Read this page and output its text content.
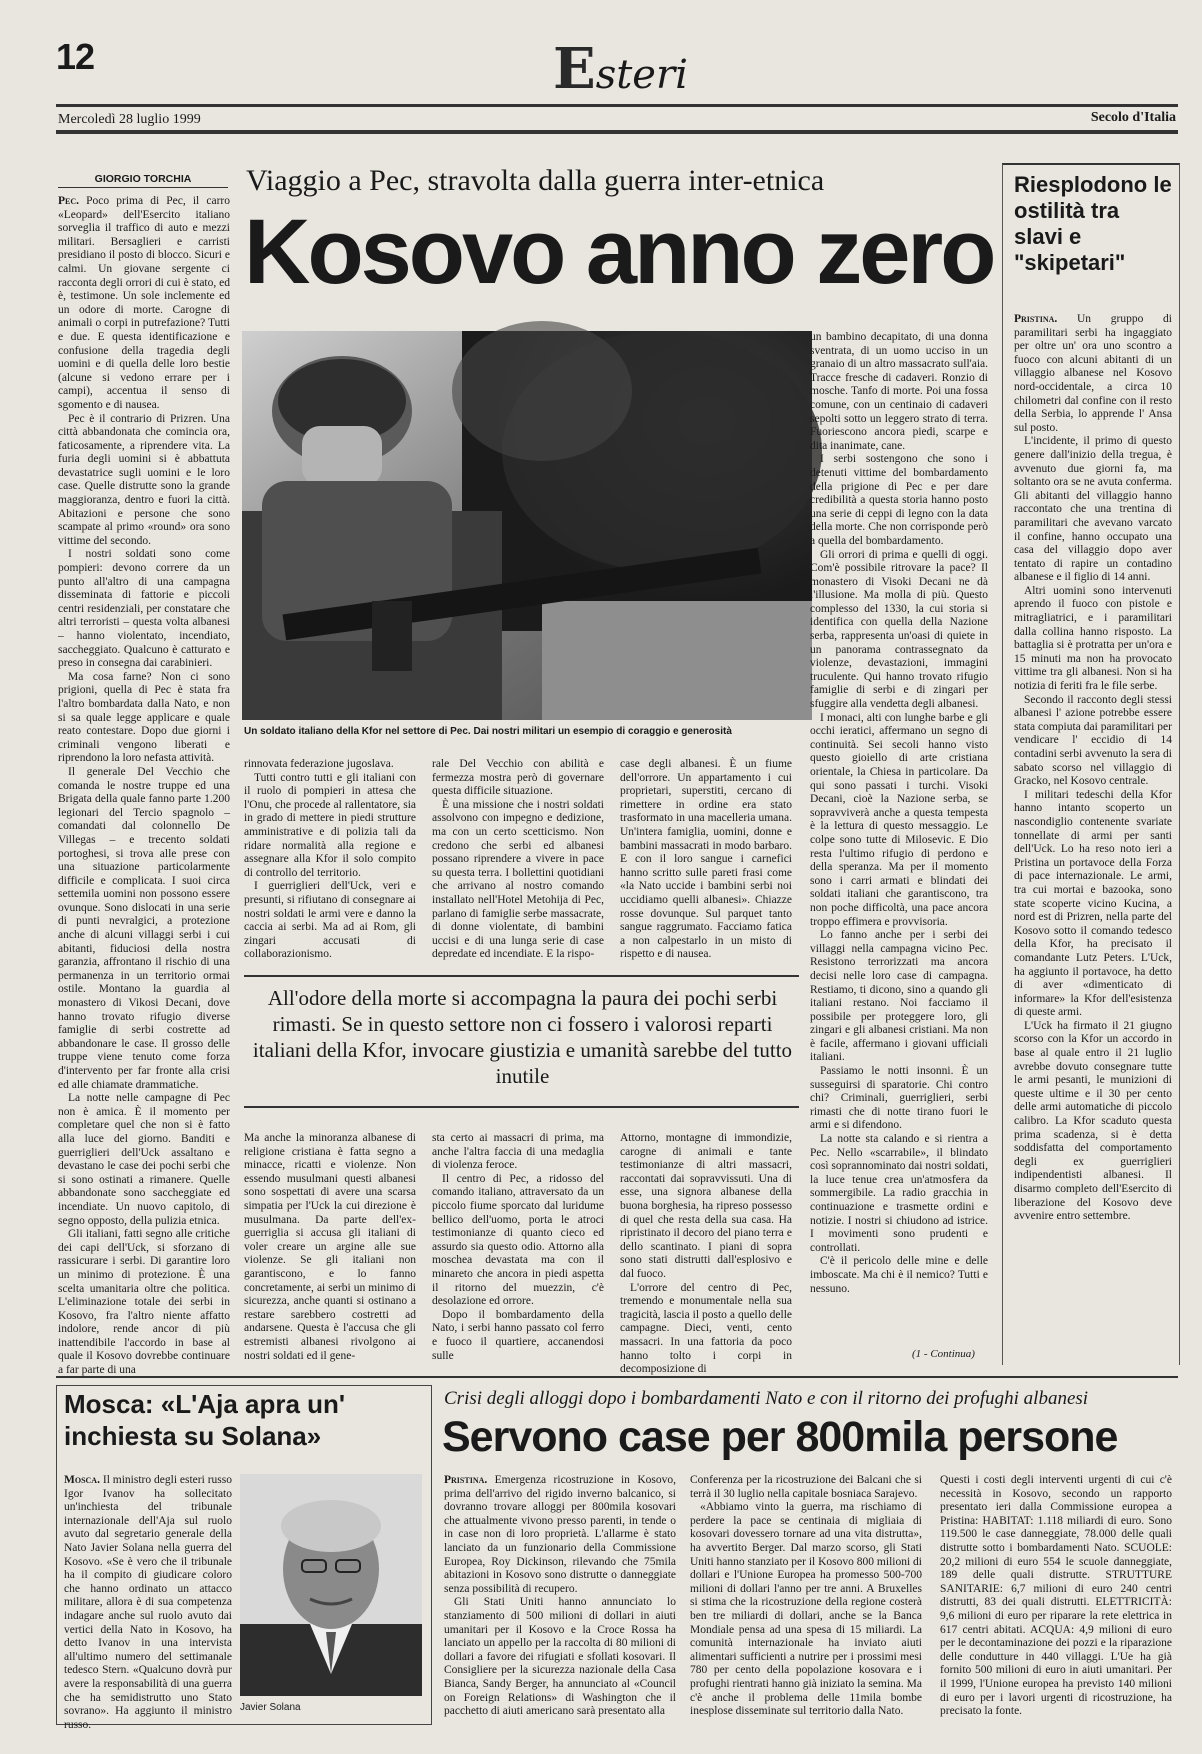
12	Esteri
Mercoledì 28 luglio 1999	Secolo d'Italia
GIORGIO TORCHIA

Pec. Poco prima di Pec, il carro «Leopard» dell'Esercito italiano sorveglia il traffico di auto e mezzi militari. Bersaglieri e carristi presidiano il posto di blocco. Sicuri e calmi. Un giovane sergente ci racconta degli orrori di cui è stato, ed è, testimone. Un sole inclemente ed un odore di morte. Carogne di animali o corpi in putrefazione? Tutti e due. E questa identificazione e confusione della tragedia degli uomini e di quella delle loro bestie (alcune si vedono errare per i campi), accentua il senso di sgomento e di nausea.

Pec è il contrario di Prizren. Una città abbandonata che comincia ora, faticosamente, a riprendere vita. La furia degli uomini si è abbattuta devastatrice sugli uomini e le loro case. Quelle distrutte sono la grande maggioranza, dentro e fuori la città. Abitazioni e persone che sono scampate al primo «round» ora sono vittime del secondo.

I nostri soldati sono come pompieri: devono correre da un punto all'altro di una campagna disseminata di fattorie e piccoli centri residenziali, per constatare che altri terroristi – questa volta albanesi – hanno violentato, incendiato, saccheggiato. Qualcuno è catturato e preso in consegna dai carabinieri.

Ma cosa farne? Non ci sono prigioni, quella di Pec è stata fra l'altro bombardata dalla Nato, e non si sa quale legge applicare e quale reato contestare. Dopo due giorni i criminali vengono liberati e riprendono la loro nefasta attività.

Il generale Del Vecchio che comanda le nostre truppe ed una Brigata della quale fanno parte 1.200 legionari del Tercio spagnolo – comandati dal colonnello De Villegas – e trecento soldati portoghesi, si trova alle prese con una situazione particolarmente difficile e complicata. I suoi circa settemila uomini non possono essere ovunque. Sono dislocati in una serie di punti nevralgici, a protezione anche di alcuni villaggi serbi i cui abitanti, fiduciosi della nostra garanzia, affrontano il rischio di una permanenza in un territorio ormai ostile. Montano la guardia al monastero di Vikosi Decani, dove hanno trovato rifugio diverse famiglie di serbi costrette ad abbandonare le case. Il grosso delle truppe viene tenuto come forza d'intervento per far fronte alla crisi ed alle chiamate drammatiche.

La notte nelle campagne di Pec non è amica. È il momento per completare quel che non si è fatto alla luce del giorno. Banditi e guerriglieri dell'Uck assaltano e devastano le case dei pochi serbi che si sono ostinati a rimanere. Quelle abbandonate sono saccheggiate ed incendiate. Un nuovo capitolo, di segno opposto, della pulizia etnica.

Gli italiani, fatti segno alle critiche dei capi dell'Uck, si sforzano di rassicurare i serbi. Di garantire loro un minimo di protezione. È una scelta umanitaria oltre che politica. L'eliminazione totale dei serbi in Kosovo, fra l'altro niente affatto indolore, rende ancor di più inattendibile l'accordo in base al quale il Kosovo dovrebbe continuare a far parte di una

Viaggio a Pec, stravolta dalla guerra inter-etnica
Kosovo anno zero
Un soldato italiano della Kfor nel settore di Pec. Dai nostri militari un esempio di coraggio e generosità

rinnovata federazione jugoslava.

Tutti contro tutti e gli italiani con il ruolo di pompieri in attesa che l'Onu, che procede al rallentatore, sia in grado di mettere in piedi strutture amministrative e di polizia tali da ridare normalità alla regione e assegnare alla Kfor il solo compito di controllo del territorio.

I guerriglieri dell'Uck, veri e presunti, si rifiutano di consegnare ai nostri soldati le armi vere e danno la caccia ai serbi. Ma ad ai Rom, gli zingari accusati di collaborazionismo.

rale Del Vecchio con abilità e fermezza mostra però di governare questa difficile situazione.

È una missione che i nostri soldati assolvono con impegno e dedizione, ma con un certo scetticismo. Non credono che serbi ed albanesi possano riprendere a vivere in pace su questa terra. I bollettini quotidiani che arrivano al nostro comando installato nell'Hotel Metohija di Pec, parlano di famiglie serbe massacrate, di donne violentate, di bambini uccisi e di una lunga serie di case depredate ed incendiate. E la rispo-

case degli albanesi. È un fiume dell'orrore. Un appartamento i cui proprietari, superstiti, cercano di rimettere in ordine era stato trasformato in una macelleria umana. Un'intera famiglia, uomini, donne e bambini massacrati in modo barbaro. E con il loro sangue i carnefici hanno scritto sulle pareti frasi come «la Nato uccide i bambini serbi noi uccidiamo quelli albanesi». Chiazze rosse dovunque. Sul parquet tanto sangue raggrumato. Facciamo fatica a non calpestarlo in un misto di rispetto e di nausea.

un bambino decapitato, di una donna sventrata, di un uomo ucciso in un granaio di un altro massacrato sull'aia. Tracce fresche di cadaveri. Ronzio di mosche. Tanfo di morte. Poi una fossa comune, con un centinaio di cadaveri sepolti sotto un leggero strato di terra. Fuoriescono ancora piedi, scarpe e dita inanimate, cane.

I serbi sostengono che sono i detenuti vittime del bombardamento della prigione di Pec e per dare credibilità a questa storia hanno posto una serie di ceppi di legno con la data della morte. Che non corrisponde però a quella del bombardamento.

Gli orrori di prima e quelli di oggi. Com'è possibile ritrovare la pace? Il monastero di Visoki Decani ne dà l'illusione. Ma molla di più. Questo complesso del 1330, la cui storia si identifica con quella della Nazione serba, rappresenta un'oasi di quiete in un panorama contrassegnato da violenze, devastazioni, immagini truculente. Qui hanno trovato rifugio famiglie di serbi e di zingari per sfuggire alla vendetta degli albanesi.

I monaci, alti con lunghe barbe e gli occhi ieratici, affermano un segno di continuità. Sei secoli hanno visto questo gioiello di arte cristiana orientale, la Chiesa in particolare. Da qui sono passati i turchi. Visoki Decani, cioè la Nazione serba, se sopravviverà anche a questa tempesta è la lettura di questo messaggio. Le colpe sono tutte di Milosevic. E Dio resta l'ultimo rifugio di perdono e della speranza. Ma per il momento sono i carri armati e blindati dei soldati italiani che garantiscono, tra non poche difficoltà, una pace ancora troppo effimera e provvisoria.

Lo fanno anche per i serbi dei villaggi nella campagna vicino Pec. Resistono terrorizzati ma ancora decisi nelle loro case di campagna. Restiamo, ti dicono, sino a quando gli italiani restano. Noi facciamo il possibile per proteggere loro, gli zingari e gli albanesi cristiani. Ma non è facile, affermano i giovani ufficiali italiani.

Passiamo le notti insonni. È un susseguirsi di sparatorie. Chi contro chi? Criminali, guerriglieri, serbi rimasti che di notte tirano fuori le armi e si difendono.

La notte sta calando e si rientra a Pec. Nello «scarrabile», il blindato così soprannominato dai nostri soldati, la luce tenue crea un'atmosfera da sommergibile. La radio gracchia in continuazione e trasmette ordini e notizie. I nostri si chiudono ad istrice. I movimenti sono prudenti e controllati.

C'è il pericolo delle mine e delle imboscate. Ma chi è il nemico? Tutti e nessuno.

(1 - Continua)
All'odore della morte si accompagna la paura dei pochi serbi rimasti. Se in questo settore non ci fossero i valorosi reparti italiani della Kfor, invocare giustizia e umanità sarebbe del tutto inutile

Ma anche la minoranza albanese di religione cristiana è fatta segno a minacce, ricatti e violenze. Non essendo musulmani questi albanesi sono sospettati di avere una scarsa simpatia per l'Uck la cui direzione è musulmana. Da parte dell'ex-guerriglia si accusa gli italiani di voler creare un argine alle sue violenze. Se gli italiani non garantiscono, e lo fanno concretamente, ai serbi un minimo di sicurezza, anche quanti si ostinano a restare sarebbero costretti ad andarsene. Questa è l'accusa che gli estremisti albanesi rivolgono ai nostri soldati ed il gene-

sta certo ai massacri di prima, ma anche l'altra faccia di una medaglia di violenza feroce.

Il centro di Pec, a ridosso del comando italiano, attraversato da un piccolo fiume sporcato dal luridume bellico dell'uomo, porta le atroci testimonianze di quanto cieco ed assurdo sia questo odio. Attorno alla moschea devastata ma con il minareto che ancora in piedi aspetta il ritorno del muezzin, c'è desolazione ed orrore.

Dopo il bombardamento della Nato, i serbi hanno passato col ferro e fuoco il quartiere, accanendosi sulle

Attorno, montagne di immondizie, carogne di animali e tante testimonianze di altri massacri, raccontati dai sopravvissuti. Una di esse, una signora albanese della buona borghesia, ha ripreso possesso di quel che resta della sua casa. Ha ripristinato il decoro del piano terra e dello scantinato. I piani di sopra sono stati distrutti dall'esplosivo e dal fuoco.

L'orrore del centro di Pec, tremendo e monumentale nella sua tragicità, lascia il posto a quello delle campagne. Dieci, venti, cento massacri. In una fattoria da poco hanno tolto i corpi in decomposizione di

Riesplodono le ostilità tra slavi e "skipetari"

Pristina. Un gruppo di paramilitari serbi ha ingaggiato per oltre un' ora uno scontro a fuoco con alcuni abitanti di un villaggio albanese nel Kosovo nord-occidentale, a circa 10 chilometri dal confine con il resto della Serbia, lo apprende l' Ansa sul posto.

L'incidente, il primo di questo genere dall'inizio della tregua, è avvenuto due giorni fa, ma soltanto ora se ne avuta conferma. Gli abitanti del villaggio hanno raccontato che una trentina di paramilitari che avevano varcato il confine, hanno occupato una casa del villaggio dopo aver tentato di rapire un contadino albanese e il figlio di 14 anni.

Altri uomini sono intervenuti aprendo il fuoco con pistole e mitragliatrici, e i paramilitari dalla collina hanno risposto. La battaglia si è protratta per un'ora e 15 minuti ma non ha provocato vittime tra gli albanesi. Non si ha notizia di feriti fra le file serbe.

Secondo il racconto degli stessi albanesi l' azione potrebbe essere stata compiuta dai paramilitari per vendicare l' eccidio di 14 contadini serbi avvenuto la sera di sabato scorso nel villaggio di Gracko, nel Kosovo centrale.

I militari tedeschi della Kfor hanno intanto scoperto un nascondiglio contenente svariate tonnellate di armi per santi dell'Uck. Lo ha reso noto ieri a Pristina un portavoce della Forza di pace internazionale. Le armi, tra cui mortai e bazooka, sono state scoperte vicino Kucina, a nord est di Prizren, nella parte del Kosovo sotto il comando tedesco della Kfor, ha precisato il comandante Lutz Peters. L'Uck, ha aggiunto il portavoce, ha detto di aver «dimenticato di informare» la Kfor dell'esistenza di queste armi.

L'Uck ha firmato il 21 giugno scorso con la Kfor un accordo in base al quale entro il 21 luglio avrebbe dovuto consegnare tutte le armi pesanti, le munizioni di queste ultime e il 30 per cento delle armi automatiche di piccolo calibro. La Kfor scaduto questa prima scadenza, si è detta soddisfatta del comportamento degli ex guerriglieri indipendentisti albanesi. Il disarmo completo dell'Esercito di liberazione del Kosovo deve avvenire entro settembre.

Mosca: «L'Aja apra un' inchiesta su Solana»

Mosca. Il ministro degli esteri russo Igor Ivanov ha sollecitato un'inchiesta del tribunale internazionale dell'Aja sul ruolo avuto dal segretario generale della Nato Javier Solana nella guerra del Kosovo. «Se è vero che il tribunale ha il compito di giudicare coloro che hanno ordinato un attacco militare, allora è di sua competenza indagare anche sul ruolo avuto dai vertici della Nato in Kosovo, ha detto Ivanov in una intervista all'ultimo numero del settimanale tedesco Stern. «Qualcuno dovrà pur avere la responsabilità di una guerra che ha semidistrutto uno Stato sovrano». Ha aggiunto il ministro russo.

Javier Solana
Crisi degli alloggi dopo i bombardamenti Nato e con il ritorno dei profughi albanesi
Servono case per 800mila persone

Pristina. Emergenza ricostruzione in Kosovo, prima dell'arrivo del rigido inverno balcanico, si dovranno trovare alloggi per 800mila kosovari che attualmente vivono presso parenti, in tende o in case non di loro proprietà. L'allarme è stato lanciato da un funzionario della Commissione Europea, Roy Dickinson, rilevando che 75mila abitazioni in Kosovo sono distrutte o danneggiate senza possibilità di recupero.

Gli Stati Uniti hanno annunciato lo stanziamento di 500 milioni di dollari in aiuti umanitari per il Kosovo e la Croce Rossa ha lanciato un appello per la raccolta di 80 milioni di dollari a favore dei rifugiati e sfollati kosovari. Il Consigliere per la sicurezza nazionale della Casa Bianca, Sandy Berger, ha annunciato al «Council on Foreign Relations» di Washington che il pacchetto di aiuti americano sarà presentato alla

Conferenza per la ricostruzione dei Balcani che si terrà il 30 luglio nella capitale bosniaca Sarajevo.

«Abbiamo vinto la guerra, ma rischiamo di perdere la pace se centinaia di migliaia di kosovari dovessero tornare ad una vita distrutta», ha avvertito Berger. Dal marzo scorso, gli Stati Uniti hanno stanziato per il Kosovo 800 milioni di dollari e l'Unione Europea ha promesso 500-700 milioni di dollari l'anno per tre anni. A Bruxelles si stima che la ricostruzione della regione costerà ben tre miliardi di dollari, anche se la Banca Mondiale pensa ad una spesa di 15 miliardi. La comunità internazionale ha inviato aiuti alimentari sufficienti a nutrire per i prossimi mesi 780 per cento della popolazione kosovara e i profughi rientrati hanno già iniziato la semina. Ma c'è anche il problema delle 11mila bombe inesplose disseminate sul territorio dalla Nato.

Questi i costi degli interventi urgenti di cui c'è necessità in Kosovo, secondo un rapporto presentato ieri dalla Commissione europea a Pristina: HABITAT: 1.118 miliardi di euro. Sono 119.500 le case danneggiate, 78.000 delle quali distrutte sotto i bombardamenti Nato. SCUOLE: 20,2 milioni di euro 554 le scuole danneggiate, 189 delle quali distrutte. STRUTTURE SANITARIE: 6,7 milioni di euro 240 centri distrutti, 83 dei quali distrutti. ELETTRICITÀ: 9,6 milioni di euro per riparare la rete elettrica in 617 centri abitati. ACQUA: 4,9 milioni di euro per le decontaminazione dei pozzi e la riparazione delle condutture in 440 villaggi. L'Ue ha già fornito 500 milioni di euro in aiuti umanitari. Per il 1999, l'Unione europea ha previsto 140 milioni di euro per i lavori urgenti di ricostruzione, ha precisato la fonte.
